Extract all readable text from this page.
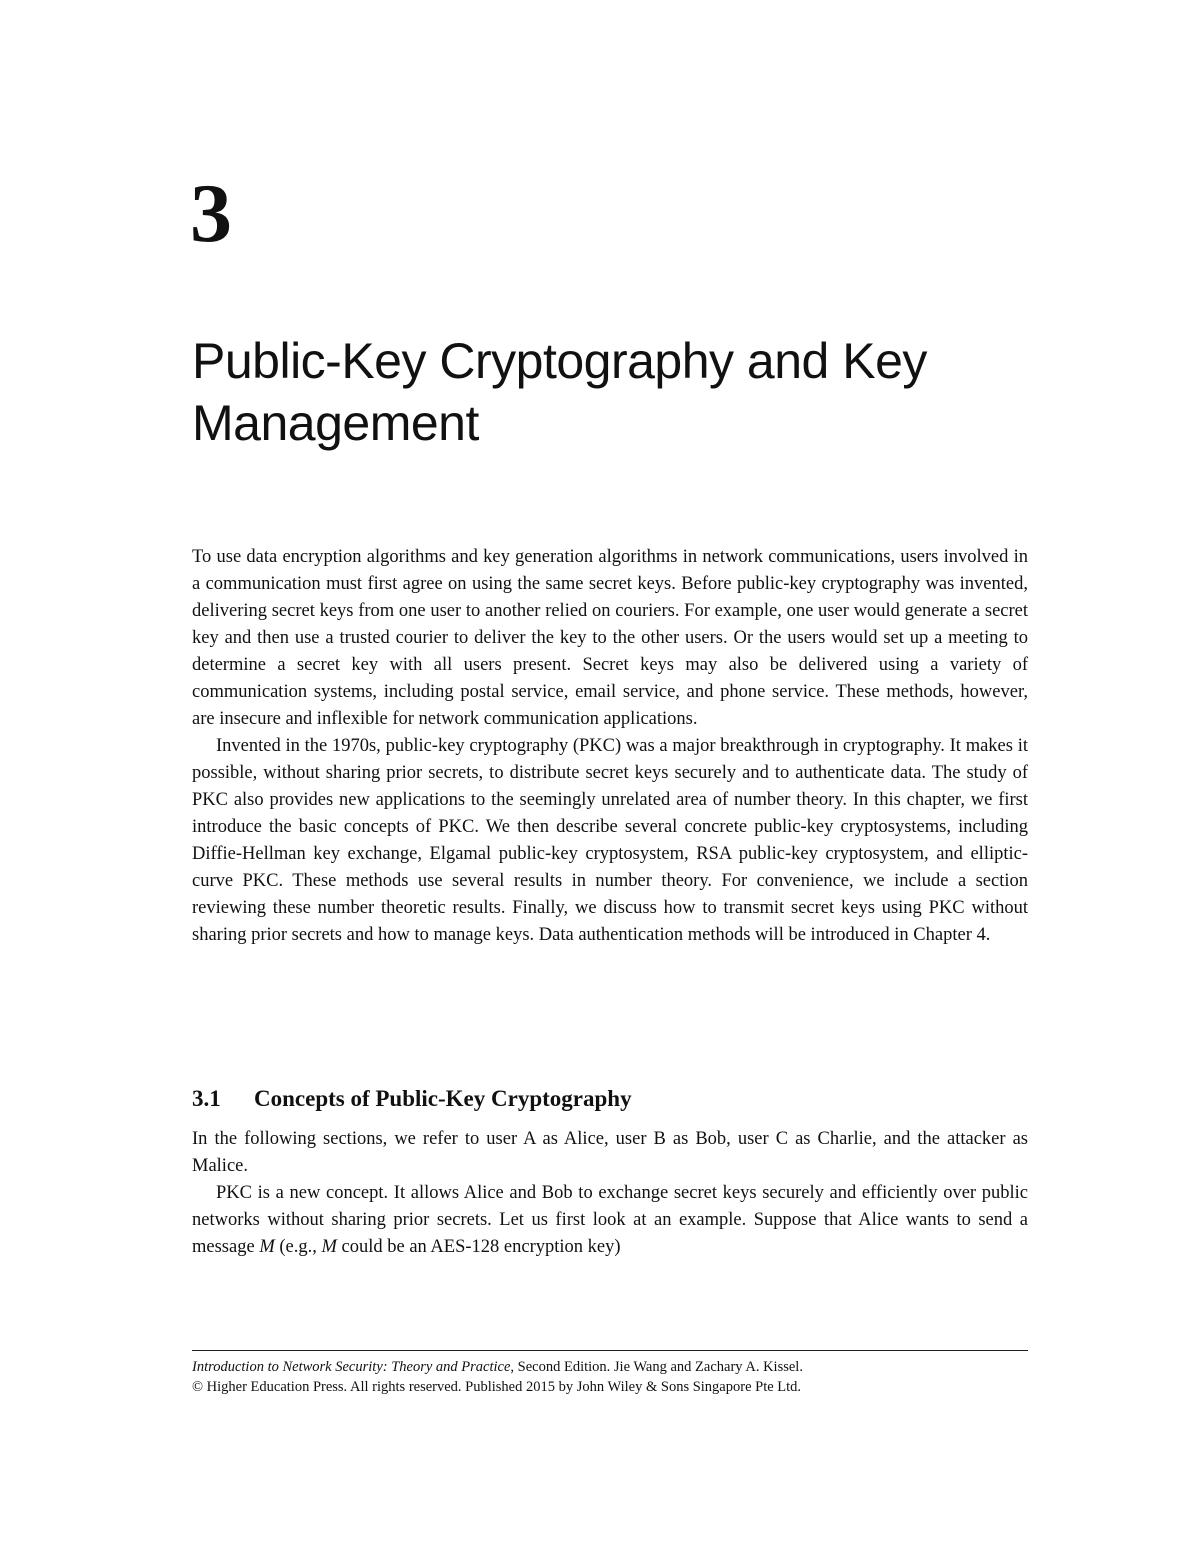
3
Public-Key Cryptography and Key Management

To use data encryption algorithms and key generation algorithms in network communications, users involved in a communication must first agree on using the same secret keys. Before public-key cryptography was invented, delivering secret keys from one user to another relied on couriers. For example, one user would generate a secret key and then use a trusted courier to deliver the key to the other users. Or the users would set up a meeting to determine a secret key with all users present. Secret keys may also be delivered using a variety of communication systems, including postal service, email service, and phone service. These methods, however, are insecure and inflexible for network communication applications.

Invented in the 1970s, public-key cryptography (PKC) was a major breakthrough in cryptography. It makes it possible, without sharing prior secrets, to distribute secret keys securely and to authenticate data. The study of PKC also provides new applications to the seemingly unrelated area of number theory. In this chapter, we first introduce the basic concepts of PKC. We then describe several concrete public-key cryptosystems, including Diffie-Hellman key exchange, Elgamal public-key cryptosystem, RSA public-key cryptosystem, and elliptic-curve PKC. These methods use several results in number theory. For convenience, we include a section reviewing these number theoretic results. Finally, we discuss how to transmit secret keys using PKC without sharing prior secrets and how to manage keys. Data authentication methods will be introduced in Chapter 4.

3.1 Concepts of Public-Key Cryptography

In the following sections, we refer to user A as Alice, user B as Bob, user C as Charlie, and the attacker as Malice.

PKC is a new concept. It allows Alice and Bob to exchange secret keys securely and efficiently over public networks without sharing prior secrets. Let us first look at an example. Suppose that Alice wants to send a message M (e.g., M could be an AES-128 encryption key)

Introduction to Network Security: Theory and Practice, Second Edition. Jie Wang and Zachary A. Kissel.
© Higher Education Press. All rights reserved. Published 2015 by John Wiley & Sons Singapore Pte Ltd.
